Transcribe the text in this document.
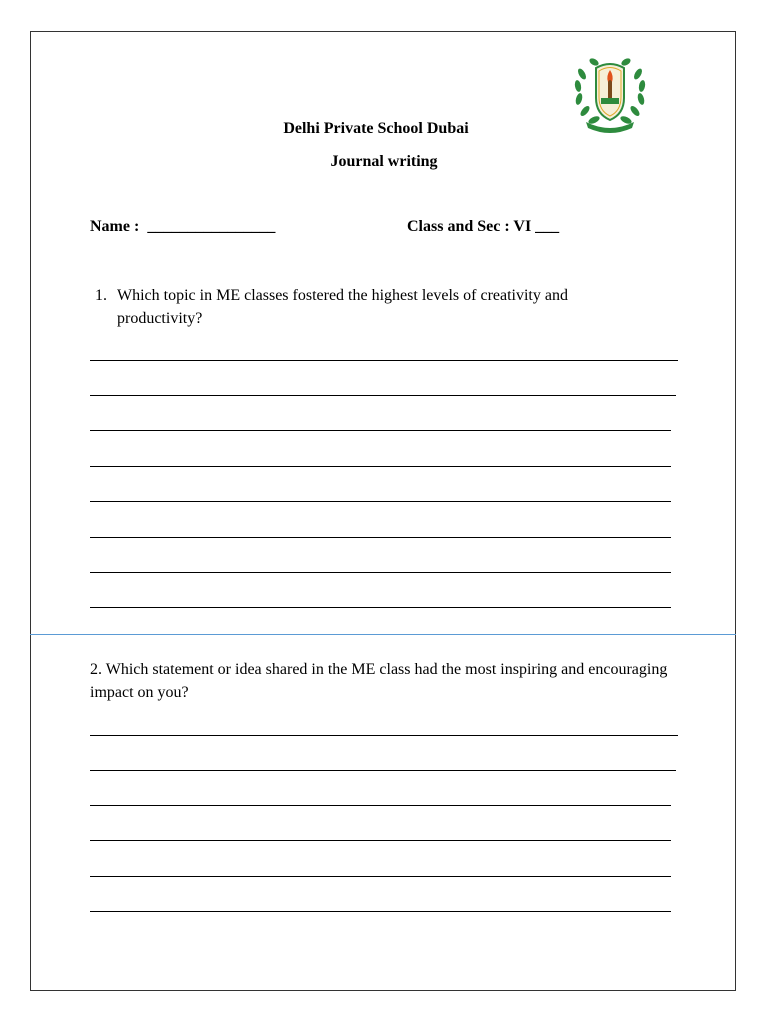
Delhi Private School Dubai
Journal writing
Name : ________________	Class and Sec : VI ___
1. Which topic in ME classes fostered the highest levels of creativity and productivity?
2. Which statement or idea shared in the ME class had the most inspiring and encouraging impact on you?
